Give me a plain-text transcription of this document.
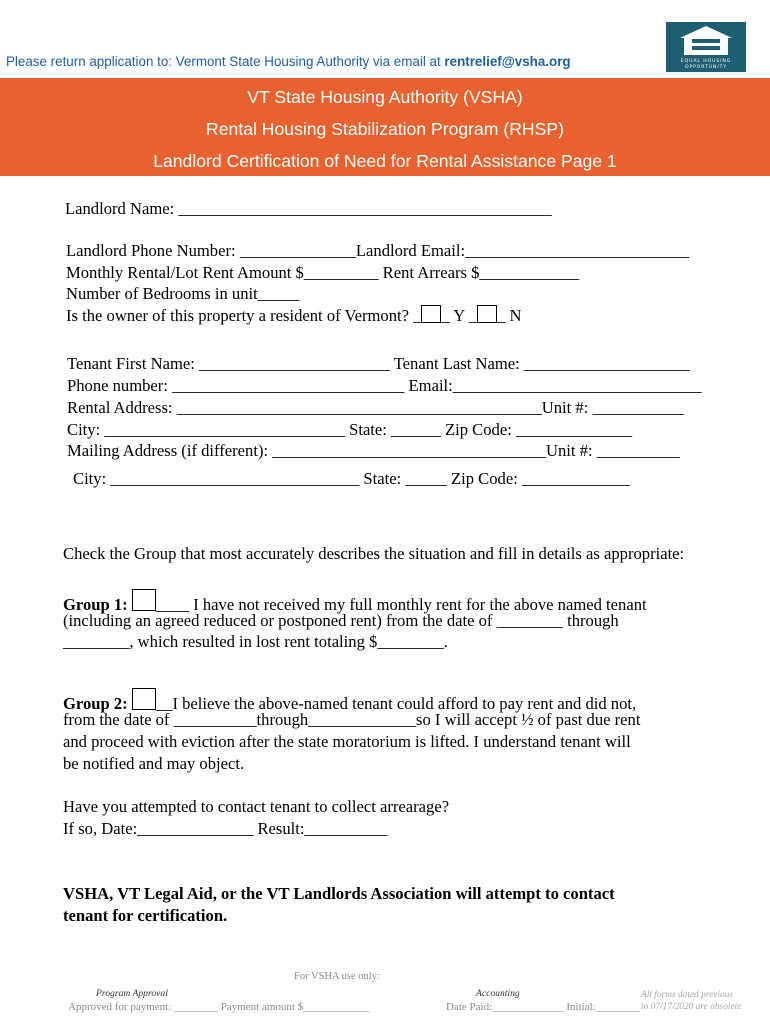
Please return application to: Vermont State Housing Authority via email at rentrelief@vsha.org	EQUAL HOUSING
OPPORTUNITY
VT State Housing Authority (VSHA)
Rental Housing Stabilization Program (RHSP)
Landlord Certification of Need for Rental Assistance Page 1
Landlord Name: _____________________________________________
Landlord Phone Number: ______________Landlord Email:___________________________
Monthly Rental/Lot Rent Amount $_________ Rent Arrears $____________
Number of Bedrooms in unit_____
Is the owner of this property a resident of Vermont? _ _ Y _ _ N
Tenant First Name: _______________________ Tenant Last Name: ____________________
Phone number: ____________________________ Email:______________________________
Rental Address: ____________________________________________Unit #: ___________
City: _____________________________ State: ______ Zip Code: ______________
Mailing Address (if different): _________________________________Unit #: __________
City: ______________________________ State: _____ Zip Code: _____________
Check the Group that most accurately describes the situation and fill in details as appropriate:
Group 1: ____ I have not received my full monthly rent for the above named tenant
(including an agreed reduced or postponed rent) from the date of ________ through
________, which resulted in lost rent totaling $________.
Group 2: __I believe the above-named tenant could afford to pay rent and did not,
from the date of __________through_____________so I will accept ½ of past due rent
and proceed with eviction after the state moratorium is lifted. I understand tenant will
be notified and may object.
Have you attempted to contact tenant to collect arrearage?
If so, Date:______________ Result:__________
VSHA, VT Legal Aid, or the VT Landlords Association will attempt to contact
tenant for certification.
For VSHA use only:
Program Approval
Approved for payment: ________ Payment amount $____________
Accounting
Date Paid:_____________ Initial:________
All forms dated previous
to 07/17/2020 are obsolete
